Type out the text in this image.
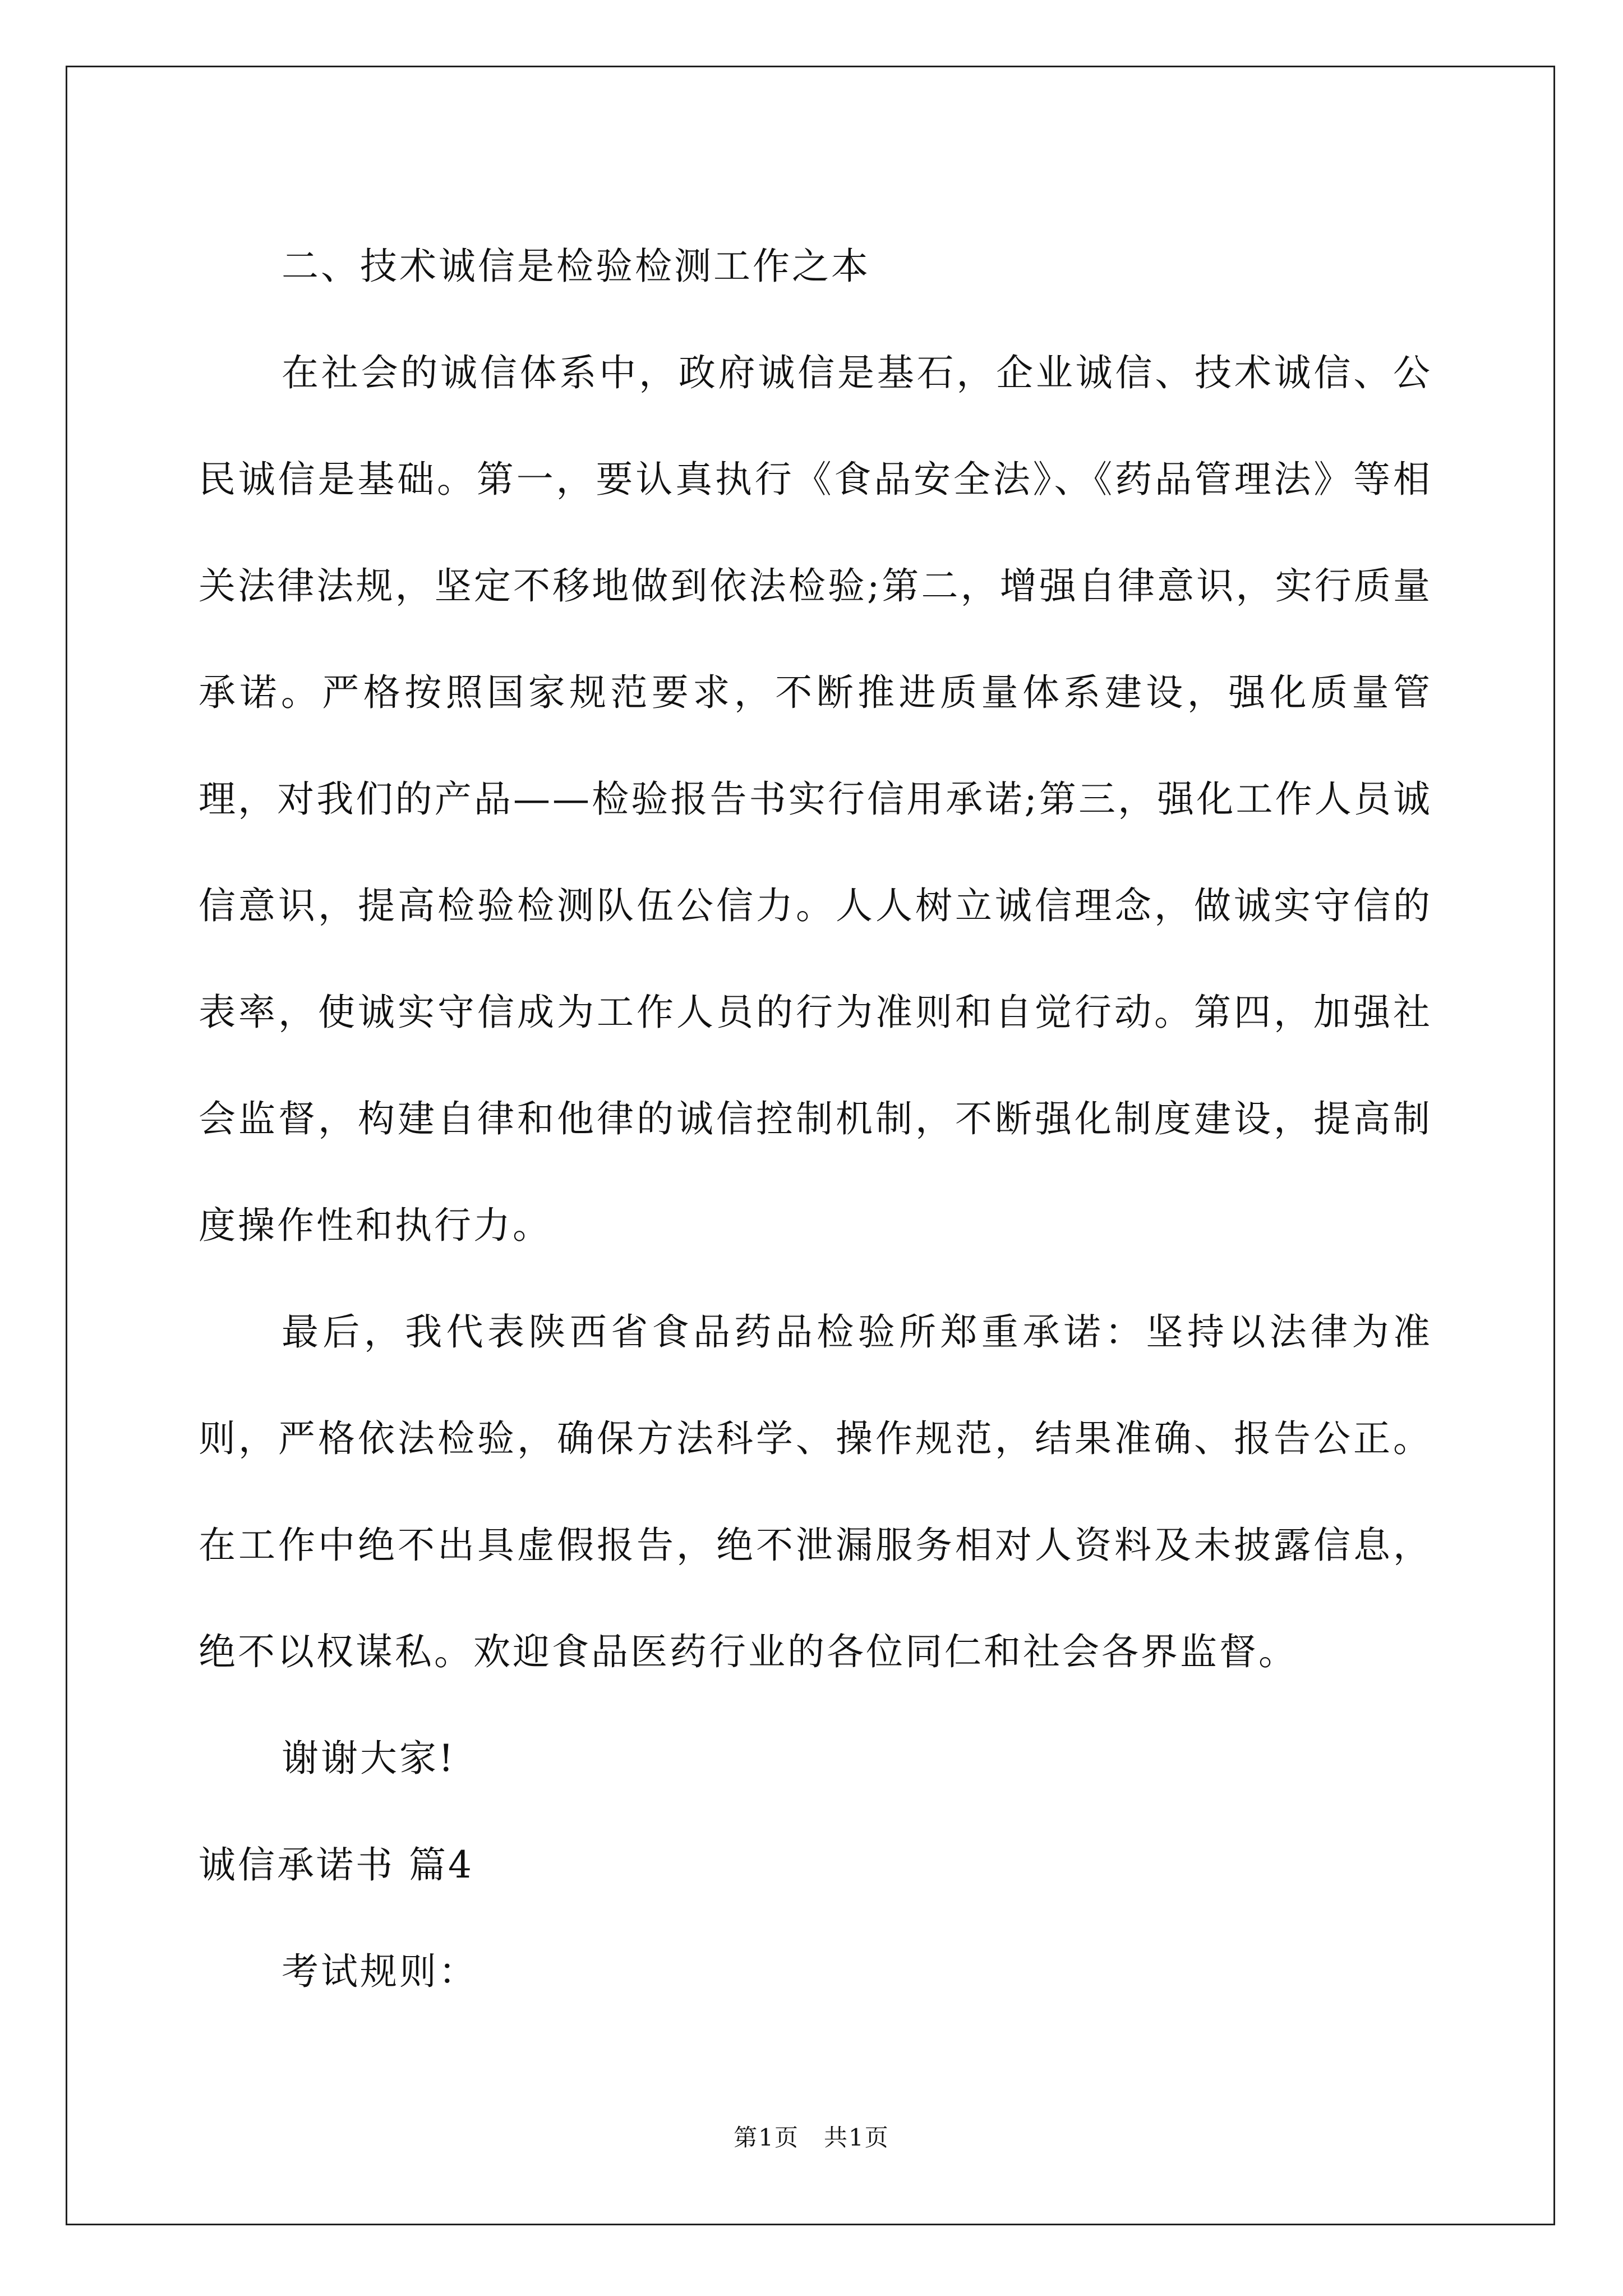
二、技术诚信是检验检测工作之本

在社会的诚信体系中，政府诚信是基石，企业诚信、技术诚信、公民诚信是基础。第一，要认真执行《食品安全法》、《药品管理法》等相关法律法规，坚定不移地做到依法检验;第二，增强自律意识，实行质量承诺。严格按照国家规范要求，不断推进质量体系建设，强化质量管理，对我们的产品——检验报告书实行信用承诺;第三，强化工作人员诚信意识，提高检验检测队伍公信力。人人树立诚信理念，做诚实守信的表率，使诚实守信成为工作人员的行为准则和自觉行动。第四，加强社会监督，构建自律和他律的诚信控制机制，不断强化制度建设，提高制度操作性和执行力。

最后，我代表陕西省食品药品检验所郑重承诺：坚持以法律为准则，严格依法检验，确保方法科学、操作规范，结果准确、报告公正。在工作中绝不出具虚假报告，绝不泄漏服务相对人资料及未披露信息，绝不以权谋私。欢迎食品医药行业的各位同仁和社会各界监督。

谢谢大家!

诚信承诺书 篇4

考试规则：

第1页　共1页
